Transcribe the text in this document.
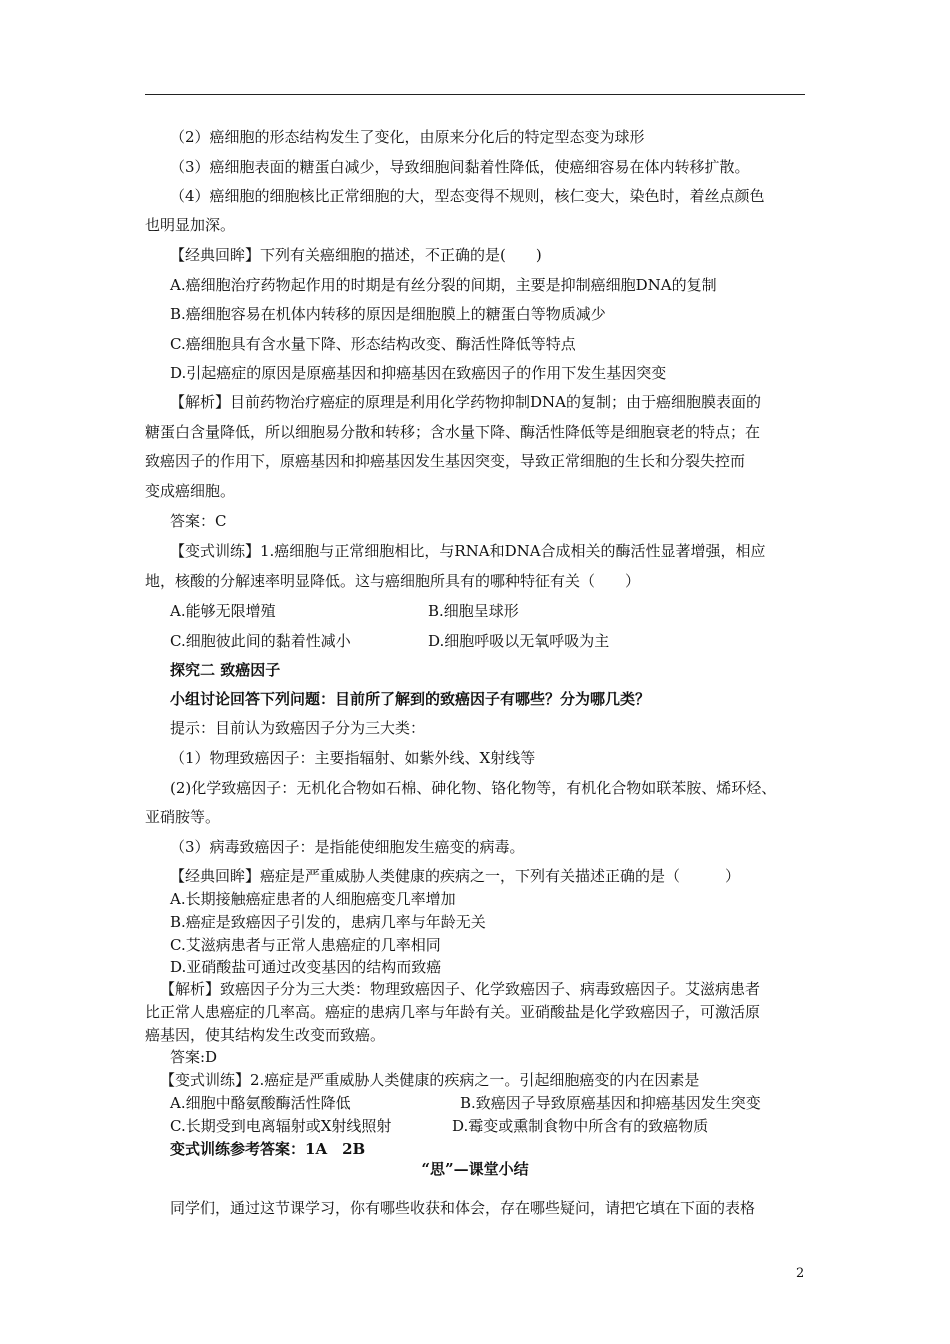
（2）癌细胞的形态结构发生了变化，由原来分化后的特定型态变为球形
（3）癌细胞表面的糖蛋白减少，导致细胞间黏着性降低，使癌细容易在体内转移扩散。
（4）癌细胞的细胞核比正常细胞的大，型态变得不规则，核仁变大，染色时，着丝点颜色
也明显加深。
【经典回眸】下列有关癌细胞的描述，不正确的是(　　)
A.癌细胞治疗药物起作用的时期是有丝分裂的间期，主要是抑制癌细胞DNA的复制
B.癌细胞容易在机体内转移的原因是细胞膜上的糖蛋白等物质减少
C.癌细胞具有含水量下降、形态结构改变、酶活性降低等特点
D.引起癌症的原因是原癌基因和抑癌基因在致癌因子的作用下发生基因突变
【解析】目前药物治疗癌症的原理是利用化学药物抑制DNA的复制；由于癌细胞膜表面的
糖蛋白含量降低，所以细胞易分散和转移；含水量下降、酶活性降低等是细胞衰老的特点；在
致癌因子的作用下，原癌基因和抑癌基因发生基因突变，导致正常细胞的生长和分裂失控而
变成癌细胞。
答案：C
【变式训练】1.癌细胞与正常细胞相比，与RNA和DNA合成相关的酶活性显著增强，相应
地，核酸的分解速率明显降低。这与癌细胞所具有的哪种特征有关（　　）
A.能够无限增殖	B.细胞呈球形
C.细胞彼此间的黏着性减小	D.细胞呼吸以无氧呼吸为主
探究二 致癌因子
小组讨论回答下列问题：目前所了解到的致癌因子有哪些？分为哪几类？
提示：目前认为致癌因子分为三大类：
（1）物理致癌因子：主要指辐射、如紫外线、X射线等
(2)化学致癌因子：无机化合物如石棉、砷化物、铬化物等，有机化合物如联苯胺、烯环烃、
亚硝胺等。
（3）病毒致癌因子：是指能使细胞发生癌变的病毒。
【经典回眸】癌症是严重威胁人类健康的疾病之一，下列有关描述正确的是（　　　）
A.长期接触癌症患者的人细胞癌变几率增加
B.癌症是致癌因子引发的，患病几率与年龄无关
C.艾滋病患者与正常人患癌症的几率相同
D.亚硝酸盐可通过改变基因的结构而致癌
【解析】致癌因子分为三大类：物理致癌因子、化学致癌因子、病毒致癌因子。艾滋病患者
比正常人患癌症的几率高。癌症的患病几率与年龄有关。亚硝酸盐是化学致癌因子，可激活原
癌基因，使其结构发生改变而致癌。
答案:D
【变式训练】2.癌症是严重威胁人类健康的疾病之一。引起细胞癌变的内在因素是
A.细胞中酪氨酸酶活性降低	B.致癌因子导致原癌基因和抑癌基因发生突变
C.长期受到电离辐射或X射线照射	D.霉变或熏制食物中所含有的致癌物质
变式训练参考答案：1A　2B
同学们，通过这节课学习，你有哪些收获和体会，存在哪些疑问，请把它填在下面的表格
“思”—课堂小结
2
